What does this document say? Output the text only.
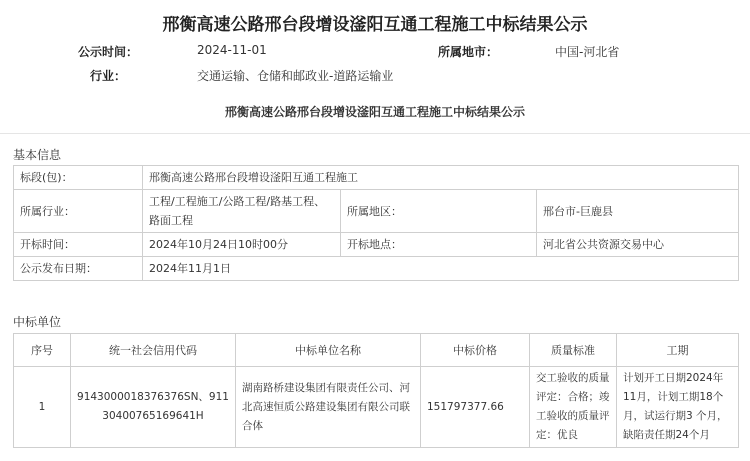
邢衡高速公路邢台段增设滏阳互通工程施工中标结果公示
公示时间：	2024-11-01	所属地市：	中国-河北省
行业：	交通运输、仓储和邮政业-道路运输业
邢衡高速公路邢台段增设滏阳互通工程施工中标结果公示
基本信息
标段(包)：	邢衡高速公路邢台段增设滏阳互通工程施工		
所属行业：	工程/工程施工/公路工程/路基工程、路面工程	所属地区：	邢台市-巨鹿县
开标时间：	2024年10月24日10时00分	开标地点：	河北省公共资源交易中心
公示发布日期：	2024年11月1日		
中标单位
序号	统一社会信用代码	中标单位名称	中标价格	质量标准	工期
1	9143000018376376SN、91130400765169641H	湖南路桥建设集团有限责任公司、河北高速恒质公路建设集团有限公司联合体	151797377.66	交工验收的质量评定：合格；竣工验收的质量评定：优良	计划开工日期2024年11月，计划工期18个月，试运行期3 个月，缺陷责任期24个月
